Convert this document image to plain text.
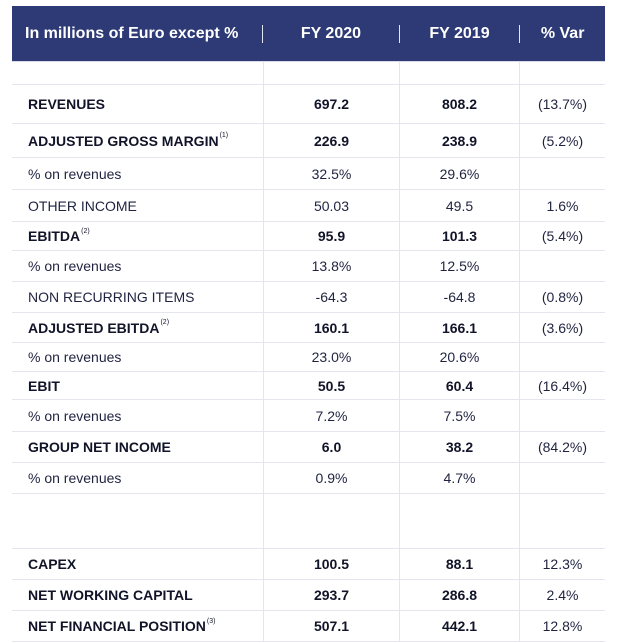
In millions of Euro except %	FY 2020	FY 2019	% Var
REVENUES	697.2	808.2	(13.7%)
ADJUSTED GROSS MARGIN$^{(1)}$	226.9	238.9	(5.2%)
% on revenues	32.5%	29.6%
OTHER INCOME	50.03	49.5	1.6%
EBITDA$^{(2)}$	95.9	101.3	(5.4%)
% on revenues	13.8%	12.5%
NON RECURRING ITEMS	-64.3	-64.8	(0.8%)
ADJUSTED EBITDA$^{(2)}$	160.1	166.1	(3.6%)
% on revenues	23.0%	20.6%
EBIT	50.5	60.4	(16.4%)
% on revenues	7.2%	7.5%
GROUP NET INCOME	6.0	38.2	(84.2%)
% on revenues	0.9%	4.7%
CAPEX	100.5	88.1	12.3%
NET WORKING CAPITAL	293.7	286.8	2.4%
NET FINANCIAL POSITION$^{(3)}$	507.1	442.1	12.8%
